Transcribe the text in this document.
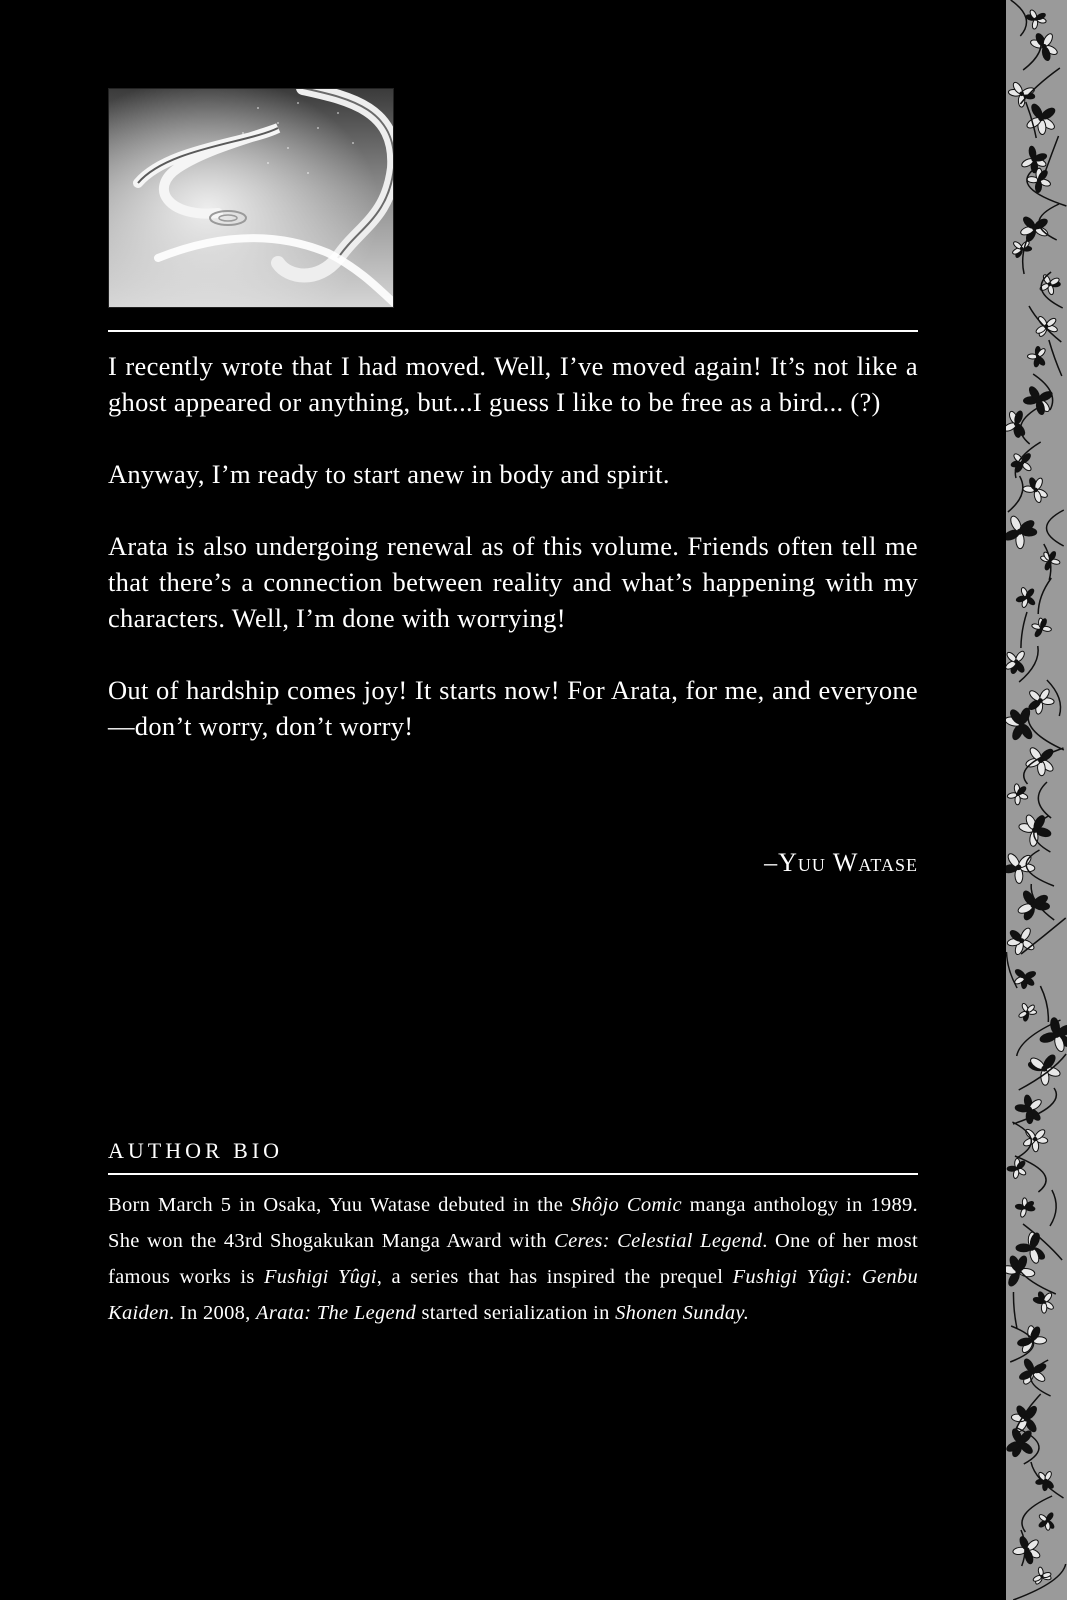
I recently wrote that I had moved. Well, I’ve moved again! It’s not like a ghost appeared or anything, but...I guess I like to be free as a bird... (?)

Anyway, I’m ready to start anew in body and spirit.

Arata is also undergoing renewal as of this volume. Friends often tell me that there’s a connection between reality and what’s happening with my characters. Well, I’m done with worrying!

Out of hardship comes joy! It starts now! For Arata, for me, and everyone—don’t worry, don’t worry!

–Yuu Watase
AUTHOR BIO

Born March 5 in Osaka, Yuu Watase debuted in the Shôjo Comic manga anthology in 1989. She won the 43rd Shogakukan Manga Award with Ceres: Celestial Legend. One of her most famous works is Fushigi Yûgi, a series that has inspired the prequel Fushigi Yûgi: Genbu Kaiden. In 2008, Arata: The Legend started serialization in Shonen Sunday.
